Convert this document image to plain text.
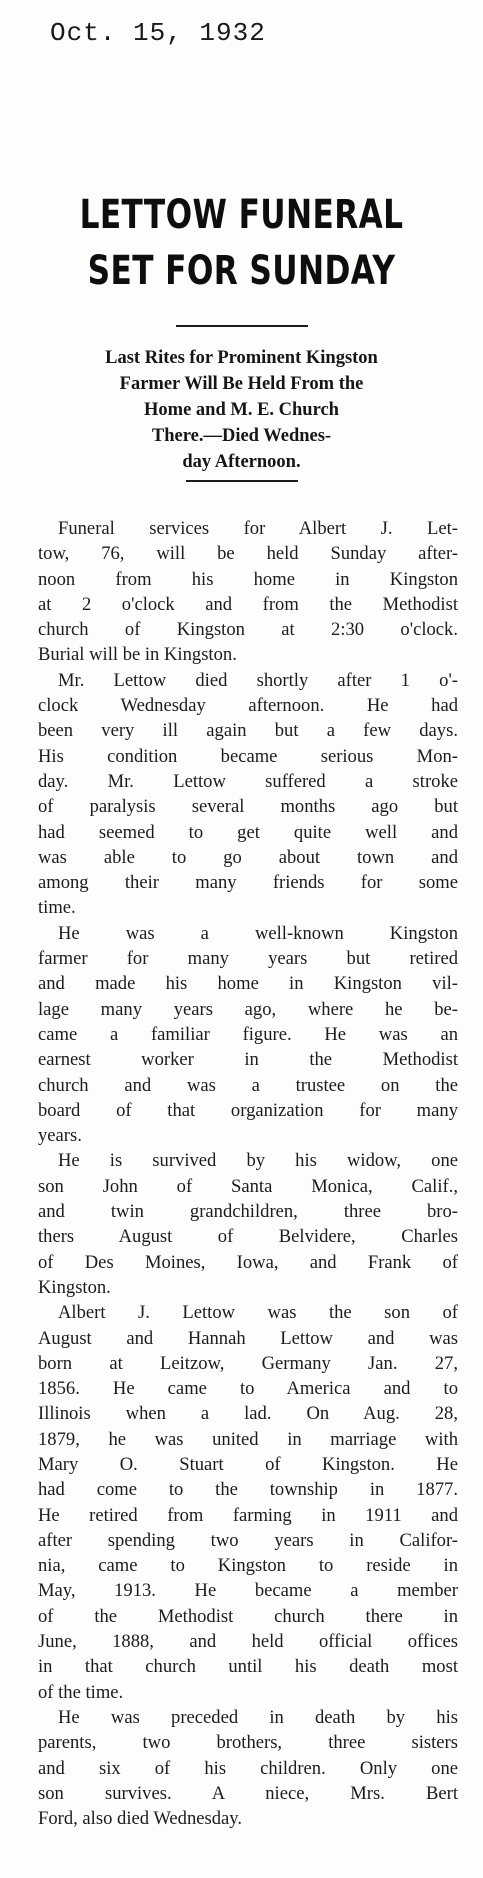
Oct. 15, 1932
LETTOW FUNERAL
SET FOR SUNDAY
Last Rites for Prominent Kingston
Farmer Will Be Held From the
Home and M. E. Church
There.—Died Wednes-
day Afternoon.
Funeral services for Albert J. Let-
tow, 76, will be held Sunday after-
noon from his home in Kingston
at 2 o'clock and from the Methodist
church of Kingston at 2:30 o'clock.
Burial will be in Kingston.
Mr. Lettow died shortly after 1 o'-
clock Wednesday afternoon. He had
been very ill again but a few days.
His condition became serious Mon-
day. Mr. Lettow suffered a stroke
of paralysis several months ago but
had seemed to get quite well and
was able to go about town and
among their many friends for some
time.
He was a well-known Kingston
farmer for many years but retired
and made his home in Kingston vil-
lage many years ago, where he be-
came a familiar figure. He was an
earnest worker in the Methodist
church and was a trustee on the
board of that organization for many
years.
He is survived by his widow, one
son John of Santa Monica, Calif.,
and twin grandchildren, three bro-
thers August of Belvidere, Charles
of Des Moines, Iowa, and Frank of
Kingston.
Albert J. Lettow was the son of
August and Hannah Lettow and was
born at Leitzow, Germany Jan. 27,
1856. He came to America and to
Illinois when a lad. On Aug. 28,
1879, he was united in marriage with
Mary O. Stuart of Kingston. He
had come to the township in 1877.
He retired from farming in 1911 and
after spending two years in Califor-
nia, came to Kingston to reside in
May, 1913. He became a member
of the Methodist church there in
June, 1888, and held official offices
in that church until his death most
of the time.
He was preceded in death by his
parents, two brothers, three sisters
and six of his children. Only one
son survives. A niece, Mrs. Bert
Ford, also died Wednesday.
